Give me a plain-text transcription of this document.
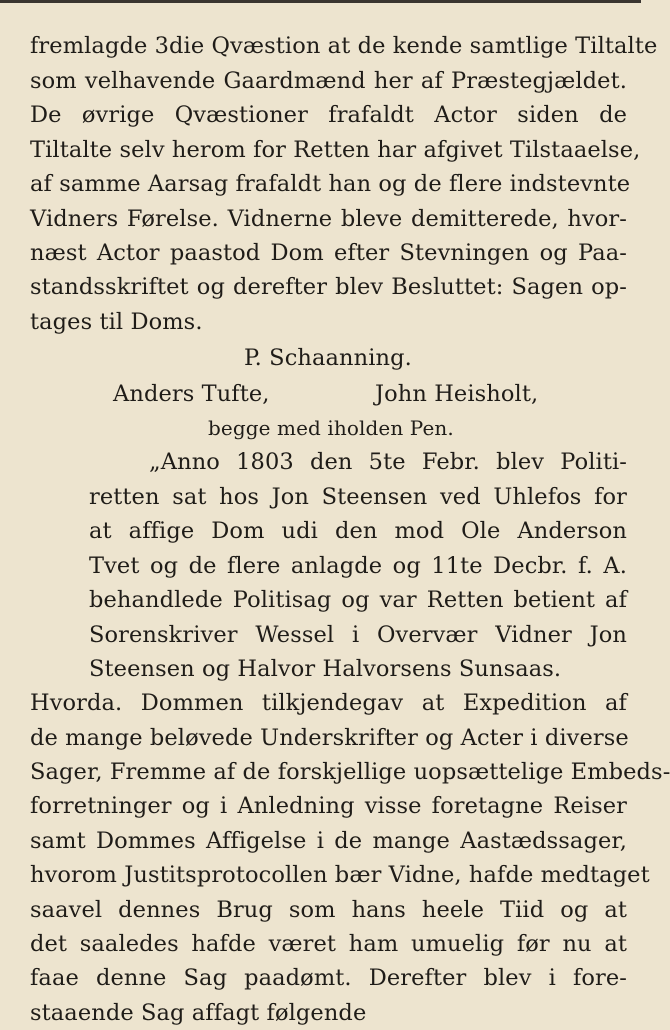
fremlagde 3die Qvæstion at de kende samtlige Tiltalte
som velhavende Gaardmænd her af Præstegjældet.
De øvrige Qvæstioner frafaldt Actor siden de
Tiltalte selv herom for Retten har afgivet Tilstaaelse,
af samme Aarsag frafaldt han og de flere indstevnte
Vidners Førelse. Vidnerne bleve demitterede, hvor-
næst Actor paastod Dom efter Stevningen og Paa-
standsskriftet og derefter blev Besluttet: Sagen op-
tages til Doms.
P. Schaanning.
Anders Tufte,	John Heisholt,
begge med iholden Pen.
„Anno 1803 den 5te Febr. blev Politi-
retten sat hos Jon Steensen ved Uhlefos for
at affige Dom udi den mod Ole Anderson
Tvet og de flere anlagde og 11te Decbr. f. A.
behandlede Politisag og var Retten betient af
Sorenskriver Wessel i Overvær Vidner Jon
Steensen og Halvor Halvorsens Sunsaas.
Hvorda. Dommen tilkjendegav at Expedition af
de mange beløvede Underskrifter og Acter i diverse
Sager, Fremme af de forskjellige uopsættelige Embeds-
forretninger og i Anledning visse foretagne Reiser
samt Dommes Affigelse i de mange Aastædssager,
hvorom Justitsprotocollen bær Vidne, hafde medtaget
saavel dennes Brug som hans heele Tiid og at
det saaledes hafde været ham umuelig før nu at
faae denne Sag paadømt. Derefter blev i fore-
staaende Sag affagt følgende
